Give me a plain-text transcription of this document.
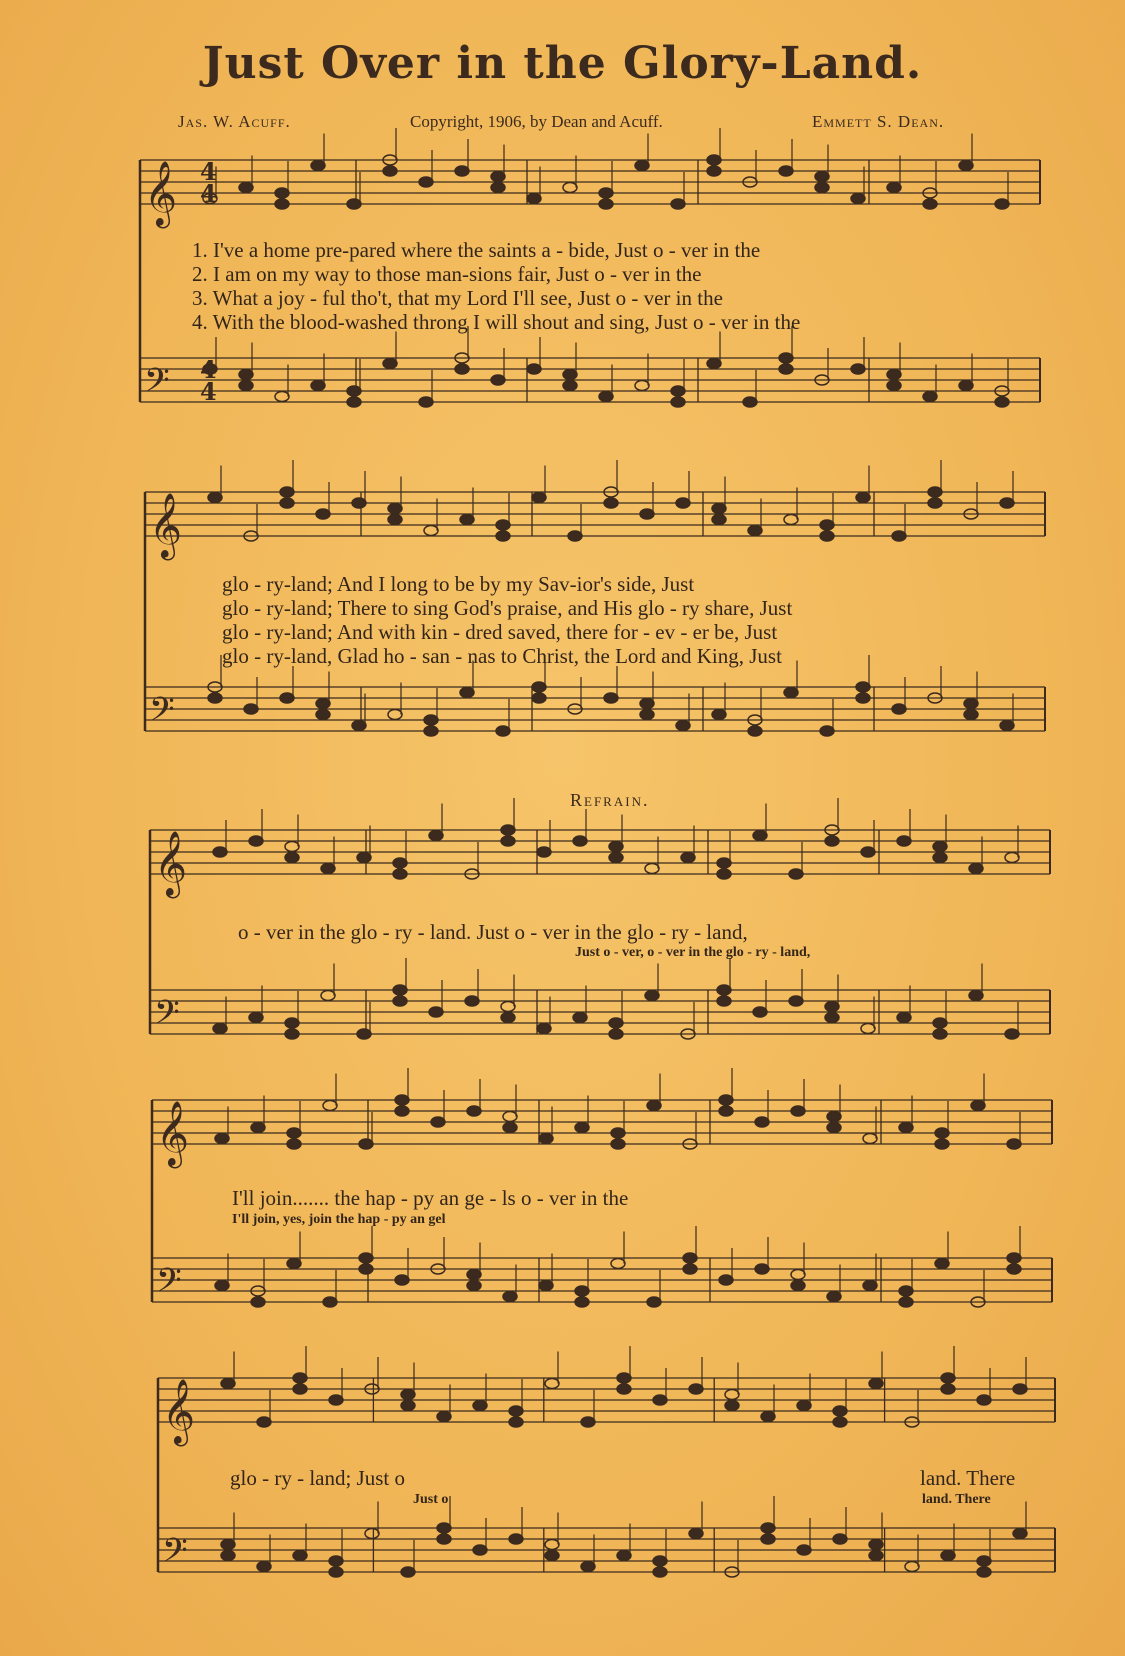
Just Over in the Glory-Land.
Jas. W. Acuff.	Copyright, 1906, by Dean and Acuff.	Emmett S. Dean.
𝄞
𝄢
𝄞
𝄢
𝄞
𝄢
𝄞
𝄢
𝄞
𝄢
4
4
4
4
1. I've a home pre-pared where the saints a - bide, Just o - ver in the
2. I am on my way to those man-sions fair, Just o - ver in the
3. What a joy - ful tho't, that my Lord I'll see, Just o - ver in the
4. With the blood-washed throng I will shout and sing, Just o - ver in the
glo - ry-land; And I long to be by my Sav-ior's side, Just
glo - ry-land; There to sing God's praise, and His glo - ry share, Just
glo - ry-land; And with kin - dred saved, there for - ev - er be, Just
glo - ry-land, Glad ho - san - nas to Christ, the Lord and King, Just
Refrain.
o - ver in the glo - ry - land. Just o - ver in the glo - ry - land,
Just o - ver, o - ver in the glo - ry - land,
I'll join....... the hap - py an ge - ls o - ver in the
I'll join, yes, join the hap - py an gel
glo - ry - land; Just o	land. There
Just o	land. There
